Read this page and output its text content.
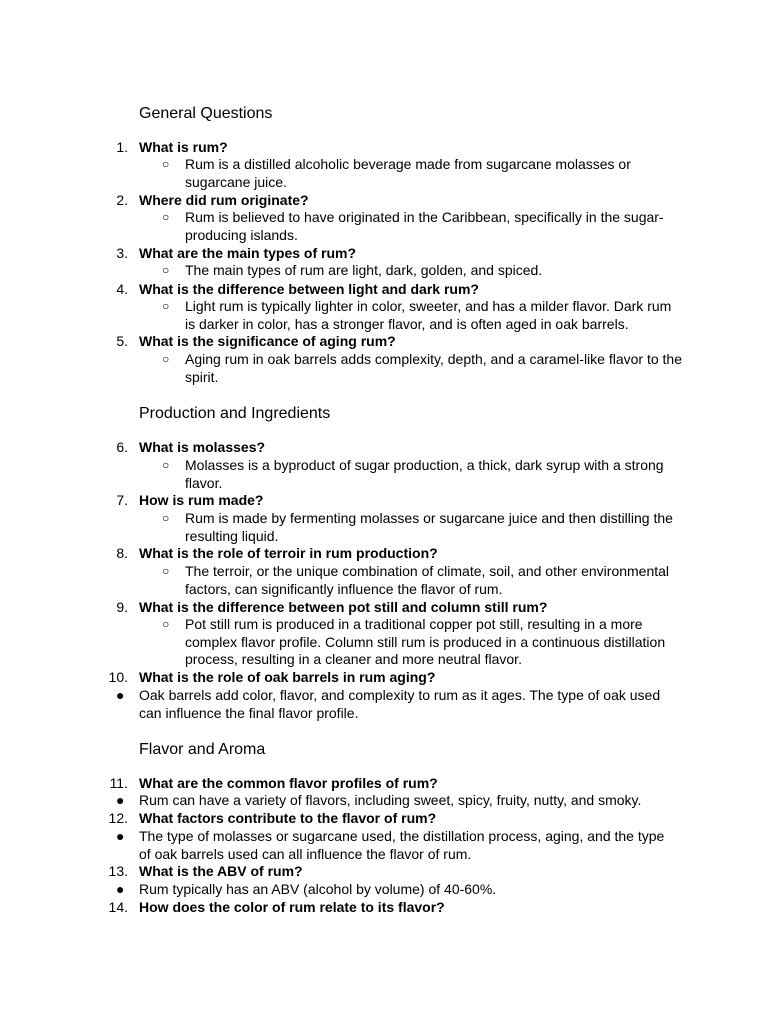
General Questions
1. What is rum?
○ Rum is a distilled alcoholic beverage made from sugarcane molasses or sugarcane juice.
2. Where did rum originate?
○ Rum is believed to have originated in the Caribbean, specifically in the sugar-producing islands.
3. What are the main types of rum?
○ The main types of rum are light, dark, golden, and spiced.
4. What is the difference between light and dark rum?
○ Light rum is typically lighter in color, sweeter, and has a milder flavor. Dark rum is darker in color, has a stronger flavor, and is often aged in oak barrels.
5. What is the significance of aging rum?
○ Aging rum in oak barrels adds complexity, depth, and a caramel-like flavor to the spirit.
Production and Ingredients
6. What is molasses?
○ Molasses is a byproduct of sugar production, a thick, dark syrup with a strong flavor.
7. How is rum made?
○ Rum is made by fermenting molasses or sugarcane juice and then distilling the resulting liquid.
8. What is the role of terroir in rum production?
○ The terroir, or the unique combination of climate, soil, and other environmental factors, can significantly influence the flavor of rum.
9. What is the difference between pot still and column still rum?
○ Pot still rum is produced in a traditional copper pot still, resulting in a more complex flavor profile. Column still rum is produced in a continuous distillation process, resulting in a cleaner and more neutral flavor.
10. What is the role of oak barrels in rum aging?
● Oak barrels add color, flavor, and complexity to rum as it ages. The type of oak used can influence the final flavor profile.
Flavor and Aroma
11. What are the common flavor profiles of rum?
● Rum can have a variety of flavors, including sweet, spicy, fruity, nutty, and smoky.
12. What factors contribute to the flavor of rum?
● The type of molasses or sugarcane used, the distillation process, aging, and the type of oak barrels used can all influence the flavor of rum.
13. What is the ABV of rum?
● Rum typically has an ABV (alcohol by volume) of 40-60%.
14. How does the color of rum relate to its flavor?
